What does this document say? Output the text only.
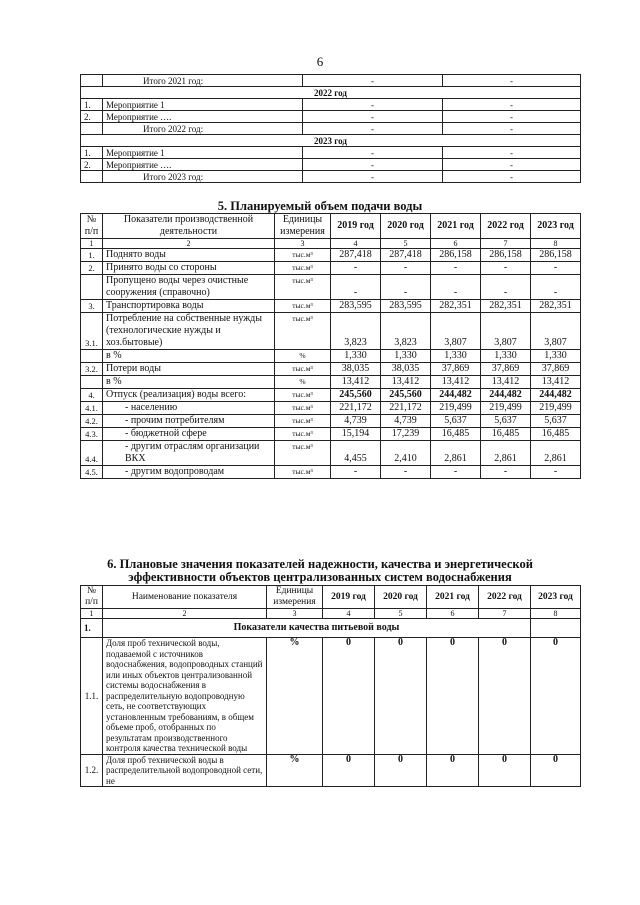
6
	Итого 2021 год:	-	-
2022 год			
1.	Мероприятие 1	-	-
2.	Мероприятие ….	-	-
	Итого 2022 год:	-	-
2023 год			
1.	Мероприятие 1	-	-
2.	Мероприятие ….	-	-
	Итого 2023 год:	-	-
5. Планируемый объем подачи воды
№ п/п	Показатели производственной деятельности	Единицы измерения	2019 год	2020 год	2021 год	2022 год	2023 год
1	2	3	4	5	6	7	8
1.	Поднято воды	тыс.м³	287,418	287,418	286,158	286,158	286,158
2.	Принято воды со стороны	тыс.м³	-	-	-	-	-
	Пропущено воды через очистные сооружения (справочно)	тыс.м³	-	-	-	-	-
3.	Транспортировка воды	тыс.м³	283,595	283,595	282,351	282,351	282,351
3.1.	Потребление на собственные нужды (технологические нужды и хоз.бытовые)	тыс.м³	3,823	3,823	3,807	3,807	3,807
	в %	%	1,330	1,330	1,330	1,330	1,330
3.2.	Потери воды	тыс.м³	38,035	38,035	37,869	37,869	37,869
	в %	%	13,412	13,412	13,412	13,412	13,412
4.	Отпуск (реализация) воды всего:	тыс.м³	245,560	245,560	244,482	244,482	244,482
4.1.	- населению	тыс.м³	221,172	221,172	219,499	219,499	219,499
4.2.	- прочим потребителям	тыс.м³	4,739	4,739	5,637	5,637	5,637
4.3.	- бюджетной сфере	тыс.м³	15,194	17,239	16,485	16,485	16,485
4.4.	- другим отраслям организации ВКХ	тыс.м³	4,455	2,410	2,861	2,861	2,861
4.5.	- другим водопроводам	тыс.м³	-	-	-	-	-
6. Плановые значения показателей надежности, качества и энергетической
эффективности объектов централизованных систем водоснабжения
№ п/п	Наименование показателя	Единицы измерения	2019 год	2020 год	2021 год	2022 год	2023 год
1	2	3	4	5	6	7	8
1.	Показатели качества питьевой воды						
1.1.	Доля проб технической воды, подаваемой с источников водоснабжения, водопроводных станций или иных объектов централизованной системы водоснабжения в распределительную водопроводную сеть, не соответствующих установленным требованиям, в общем объеме проб, отобранных по результатам производственного контроля качества технической воды	%	0	0	0	0	0
1.2.	Доля проб технической воды в распределительной водопроводной сети, не	%	0	0	0	0	0
